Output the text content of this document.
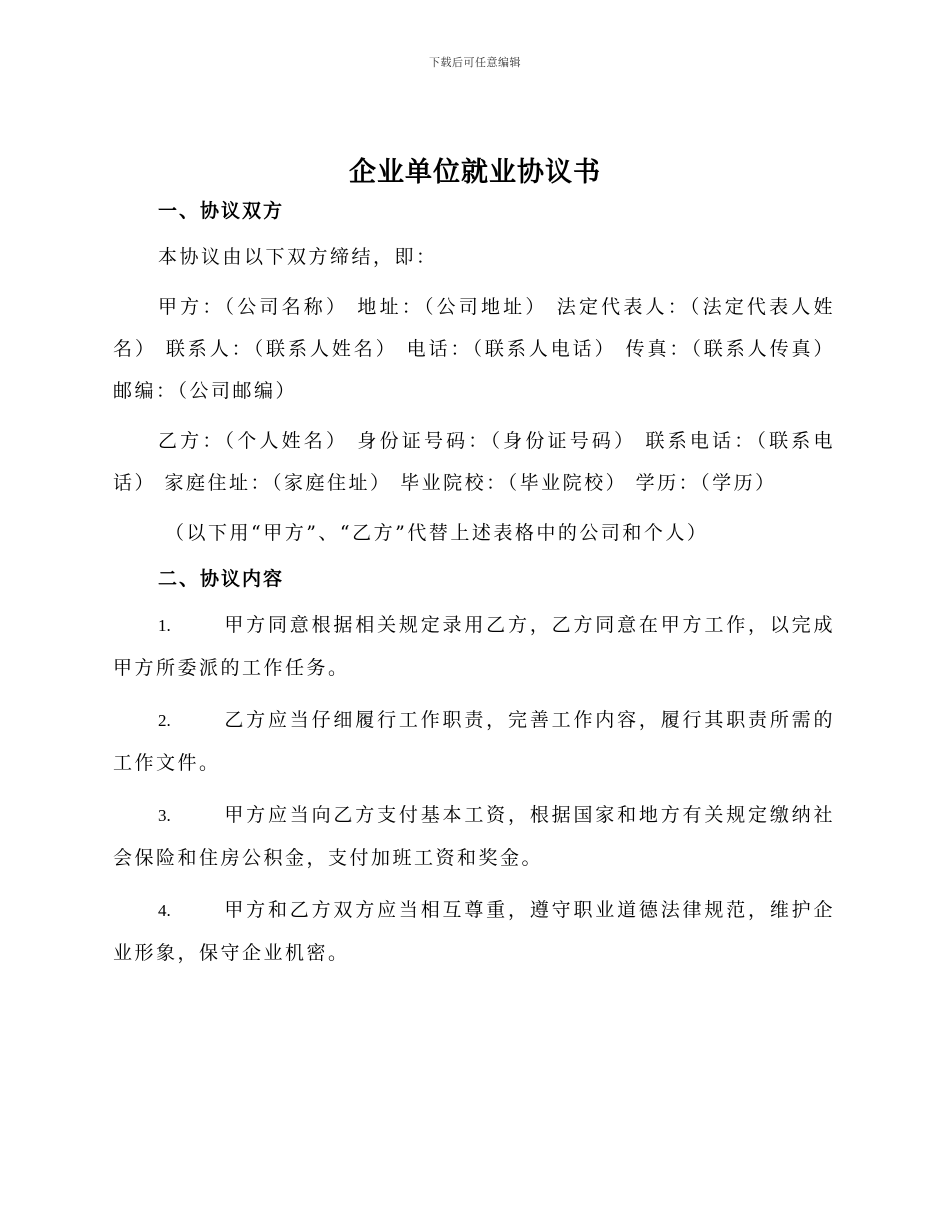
下载后可任意编辑
企业单位就业协议书
一、协议双方

本协议由以下双方缔结，即：

甲方：（公司名称） 地址：（公司地址） 法定代表人：（法定代表人姓名） 联系人：（联系人姓名） 电话：（联系人电话） 传真：（联系人传真） 邮编：（公司邮编）

乙方：（个人姓名） 身份证号码：（身份证号码） 联系电话：（联系电话） 家庭住址：（家庭住址） 毕业院校：（毕业院校） 学历：（学历）

（以下用“甲方”、“乙方”代替上述表格中的公司和个人）

二、协议内容

1.	甲方同意根据相关规定录用乙方，乙方同意在甲方工作，以完成甲方所委派的工作任务。

2.	乙方应当仔细履行工作职责，完善工作内容，履行其职责所需的工作文件。

3.	甲方应当向乙方支付基本工资，根据国家和地方有关规定缴纳社会保险和住房公积金，支付加班工资和奖金。

4.	甲方和乙方双方应当相互尊重，遵守职业道德法律规范，维护企业形象，保守企业机密。
